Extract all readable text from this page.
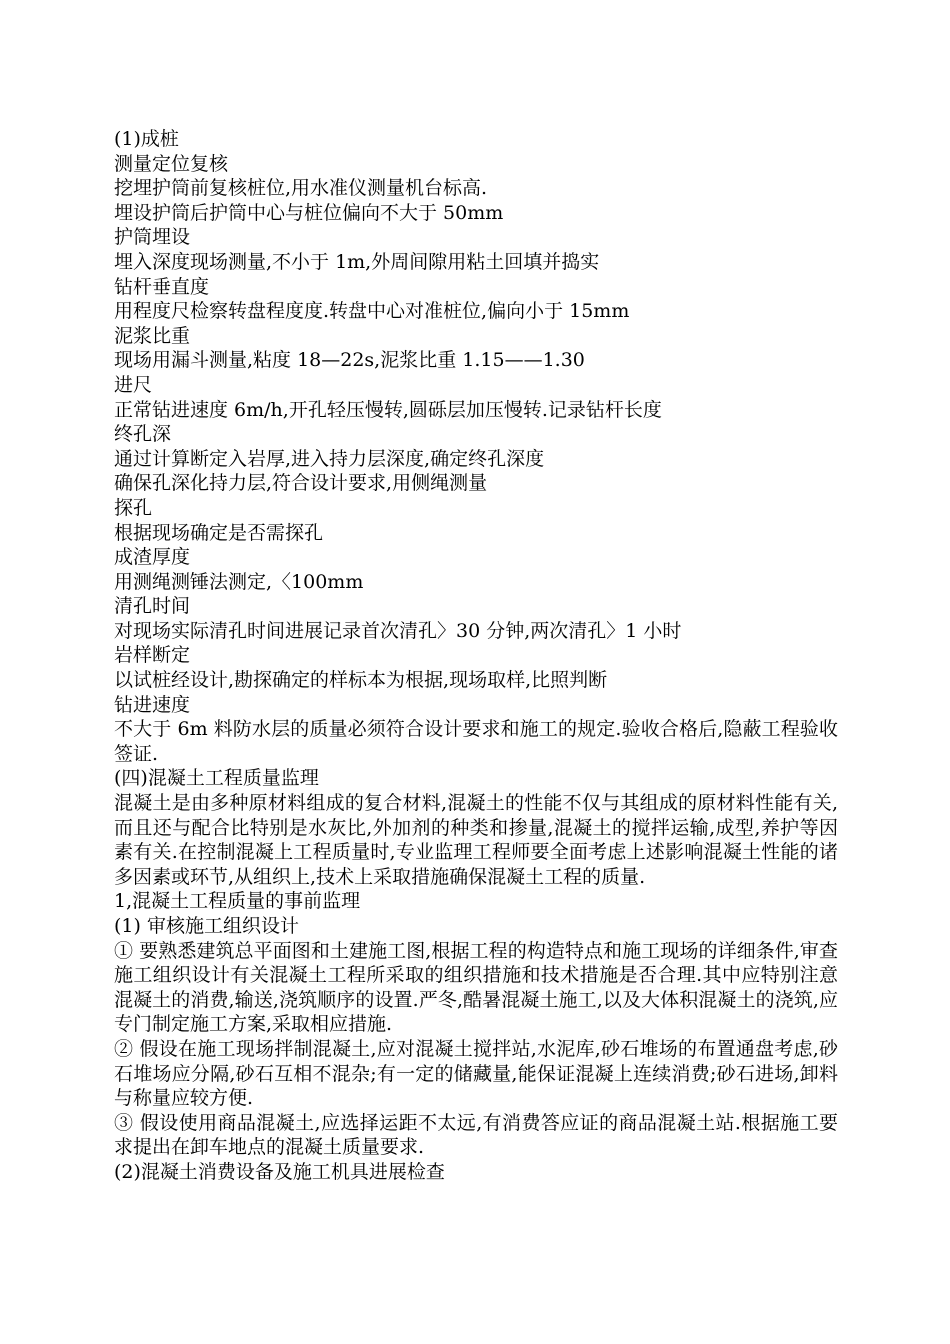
(1)成桩

测量定位复核

挖埋护筒前复核桩位,用水准仪测量机台标高.

埋设护筒后护筒中心与桩位偏向不大于 50mm

护筒埋设

埋入深度现场测量,不小于 1m,外周间隙用粘土回填并捣实

钻杆垂直度

用程度尺检察转盘程度度.转盘中心对准桩位,偏向小于 15mm

泥浆比重

现场用漏斗测量,粘度 18—22s,泥浆比重 1.15——1.30

进尺

正常钻进速度 6m/h,开孔轻压慢转,圆砾层加压慢转.记录钻杆长度

终孔深

通过计算断定入岩厚,进入持力层深度,确定终孔深度

确保孔深化持力层,符合设计要求,用侧绳测量

探孔

根据现场确定是否需探孔

成渣厚度

用测绳测锤法测定,〈100mm

清孔时间

对现场实际清孔时间进展记录首次清孔〉30 分钟,两次清孔〉1 小时

岩样断定

以试桩经设计,勘探确定的样标本为根据,现场取样,比照判断

钻进速度

不大于 6m 料防水层的质量必须符合设计要求和施工的规定.验收合格后,隐蔽工程验收签证.

(四)混凝土工程质量监理

混凝土是由多种原材料组成的复合材料,混凝土的性能不仅与其组成的原材料性能有关,而且还与配合比特别是水灰比,外加剂的种类和掺量,混凝土的搅拌运输,成型,养护等因素有关.在控制混凝上工程质量时,专业监理工程师要全面考虑上述影响混凝土性能的诸多因素或环节,从组织上,技术上采取措施确保混凝土工程的质量.

1,混凝土工程质量的事前监理

(1) 审核施工组织设计

① 要熟悉建筑总平面图和土建施工图,根据工程的构造特点和施工现场的详细条件,审查施工组织设计有关混凝土工程所采取的组织措施和技术措施是否合理.其中应特别注意混凝土的消费,输送,浇筑顺序的设置.严冬,酷暑混凝土施工,以及大体积混凝土的浇筑,应专门制定施工方案,采取相应措施.

② 假设在施工现场拌制混凝土,应对混凝土搅拌站,水泥库,砂石堆场的布置通盘考虑,砂石堆场应分隔,砂石互相不混杂;有一定的储藏量,能保证混凝上连续消费;砂石进场,卸料与称量应较方便.

③ 假设使用商品混凝土,应选择运距不太远,有消费答应证的商品混凝土站.根据施工要求提出在卸车地点的混凝土质量要求.

(2)混凝土消费设备及施工机具进展检查
